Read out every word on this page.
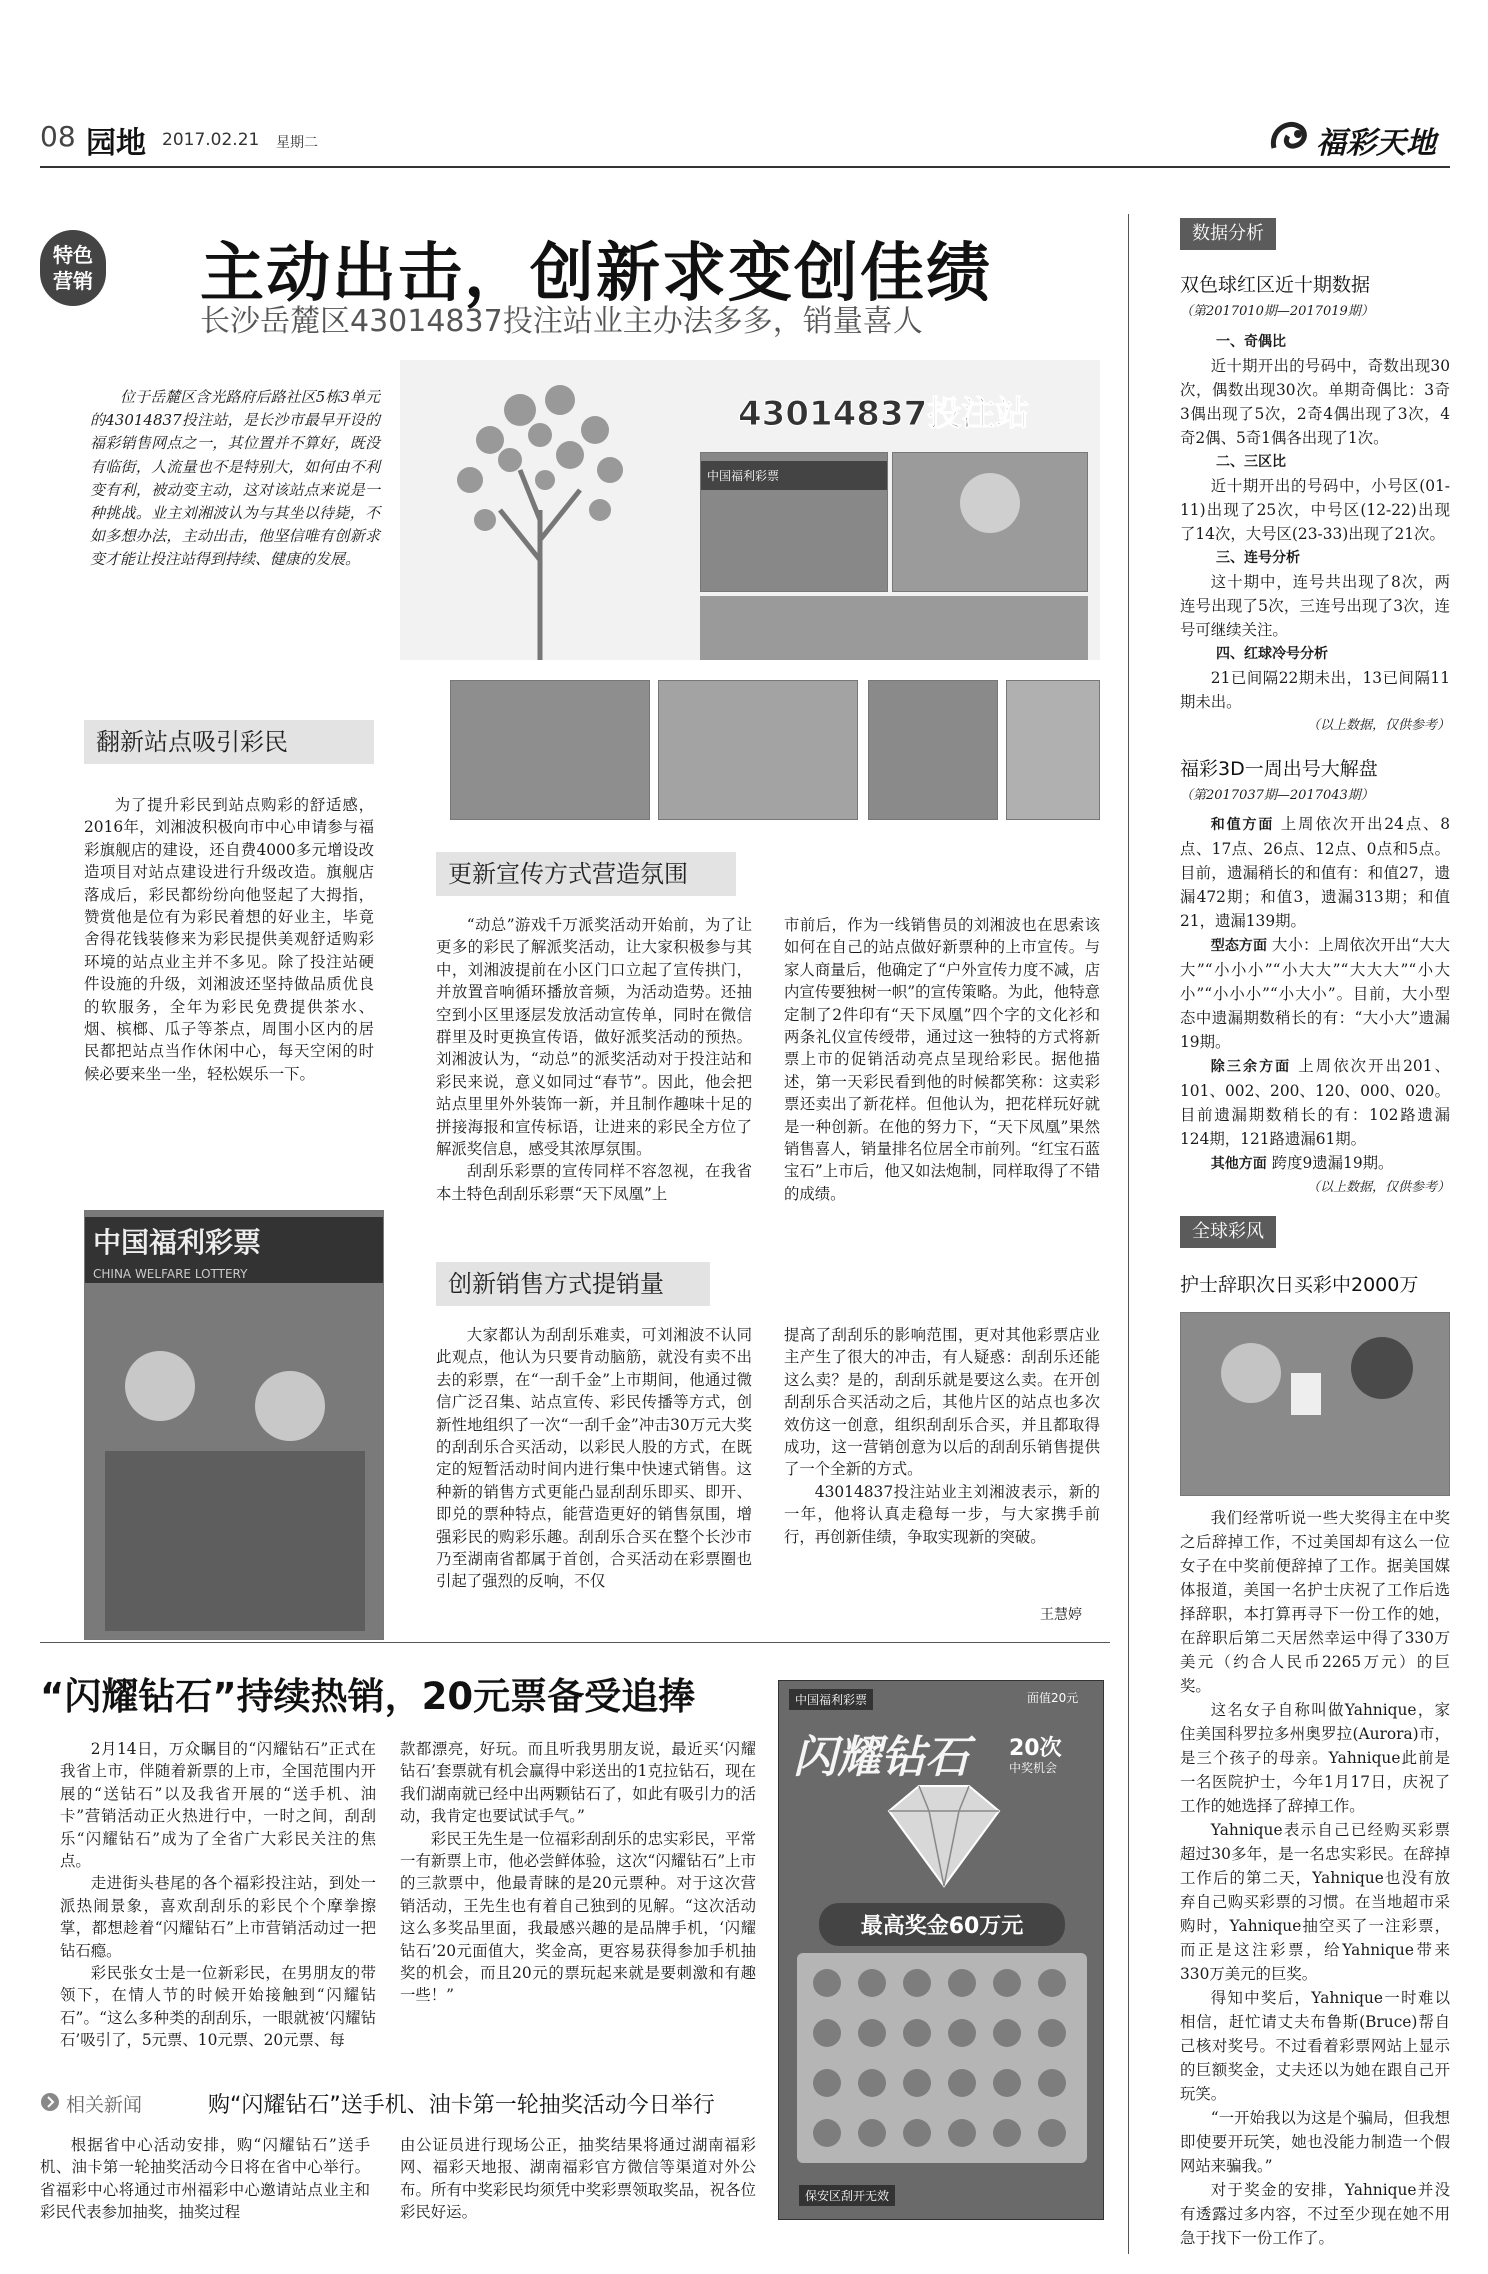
08 园地 2017.02.21 星期二	福彩天地
特色
营销 主动出击，创新求变创佳绩
长沙岳麓区43014837投注站业主办法多多，销量喜人

位于岳麓区含光路府后路社区5栋3单元的43014837投注站，是长沙市最早开设的福彩销售网点之一，其位置并不算好，既没有临街，人流量也不是特别大，如何由不利变有利，被动变主动，这对该站点来说是一种挑战。业主刘湘波认为与其坐以待毙，不如多想办法，主动出击，他坚信唯有创新求变才能让投注站得到持续、健康的发展。

43014837投注站
中国福利彩票
翻新站点吸引彩民

为了提升彩民到站点购彩的舒适感，2016年，刘湘波积极向市中心申请参与福彩旗舰店的建设，还自费4000多元增设改造项目对站点建设进行升级改造。旗舰店落成后，彩民都纷纷向他竖起了大拇指，赞赏他是位有为彩民着想的好业主，毕竟舍得花钱装修来为彩民提供美观舒适购彩环境的站点业主并不多见。除了投注站硬件设施的升级，刘湘波还坚持做品质优良的软服务，全年为彩民免费提供茶水、烟、槟榔、瓜子等茶点，周围小区内的居民都把站点当作休闲中心，每天空闲的时候必要来坐一坐，轻松娱乐一下。

中国福利彩票
CHINA WELFARE LOTTERY
更新宣传方式营造氛围

“动总”游戏千万派奖活动开始前，为了让更多的彩民了解派奖活动，让大家积极参与其中，刘湘波提前在小区门口立起了宣传拱门，并放置音响循环播放音频，为活动造势。还抽空到小区里逐层发放活动宣传单，同时在微信群里及时更换宣传语，做好派奖活动的预热。刘湘波认为，“动总”的派奖活动对于投注站和彩民来说，意义如同过“春节”。因此，他会把站点里里外外装饰一新，并且制作趣味十足的拼接海报和宣传标语，让进来的彩民全方位了解派奖信息，感受其浓厚氛围。

刮刮乐彩票的宣传同样不容忽视，在我省本土特色刮刮乐彩票“天下凤凰”上

市前后，作为一线销售员的刘湘波也在思索该如何在自己的站点做好新票种的上市宣传。与家人商量后，他确定了“户外宣传力度不减，店内宣传要独树一帜”的宣传策略。为此，他特意定制了2件印有“天下凤凰”四个字的文化衫和两条礼仪宣传绶带，通过这一独特的方式将新票上市的促销活动亮点呈现给彩民。据他描述，第一天彩民看到他的时候都笑称：这卖彩票还卖出了新花样。但他认为，把花样玩好就是一种创新。在他的努力下，“天下凤凰”果然销售喜人，销量排名位居全市前列。“红宝石蓝宝石”上市后，他又如法炮制，同样取得了不错的成绩。

创新销售方式提销量

大家都认为刮刮乐难卖，可刘湘波不认同此观点，他认为只要肯动脑筋，就没有卖不出去的彩票，在“一刮千金”上市期间，他通过微信广泛召集、站点宣传、彩民传播等方式，创新性地组织了一次“一刮千金”冲击30万元大奖的刮刮乐合买活动，以彩民人股的方式，在既定的短暂活动时间内进行集中快速式销售。这种新的销售方式更能凸显刮刮乐即买、即开、即兑的票种特点，能营造更好的销售氛围，增强彩民的购彩乐趣。刮刮乐合买在整个长沙市乃至湖南省都属于首创，合买活动在彩票圈也引起了强烈的反响，不仅

提高了刮刮乐的影响范围，更对其他彩票店业主产生了很大的冲击，有人疑惑：刮刮乐还能这么卖？是的，刮刮乐就是要这么卖。在开创刮刮乐合买活动之后，其他片区的站点也多次效仿这一创意，组织刮刮乐合买，并且都取得成功，这一营销创意为以后的刮刮乐销售提供了一个全新的方式。

43014837投注站业主刘湘波表示，新的一年，他将认真走稳每一步，与大家携手前行，再创新佳绩，争取实现新的突破。

王慧婷
“闪耀钻石”持续热销，20元票备受追捧

2月14日，万众瞩目的“闪耀钻石”正式在我省上市，伴随着新票的上市，全国范围内开展的“送钻石”以及我省开展的“送手机、油卡”营销活动正火热进行中，一时之间，刮刮乐“闪耀钻石”成为了全省广大彩民关注的焦点。

走进街头巷尾的各个福彩投注站，到处一派热闹景象，喜欢刮刮乐的彩民个个摩拳擦掌，都想趁着“闪耀钻石”上市营销活动过一把钻石瘾。

彩民张女士是一位新彩民，在男朋友的带领下，在情人节的时候开始接触到“闪耀钻石”。“这么多种类的刮刮乐，一眼就被‘闪耀钻石’吸引了，5元票、10元票、20元票、每

款都漂亮，好玩。而且听我男朋友说，最近买‘闪耀钻石’套票就有机会赢得中彩送出的1克拉钻石，现在我们湖南就已经中出两颗钻石了，如此有吸引力的活动，我肯定也要试试手气。”

彩民王先生是一位福彩刮刮乐的忠实彩民，平常一有新票上市，他必尝鲜体验，这次“闪耀钻石”上市的三款票中，他最青睐的是20元票种。对于这次营销活动，王先生也有着自己独到的见解。“这次活动这么多奖品里面，我最感兴趣的是品牌手机，‘闪耀钻石’20元面值大，奖金高，更容易获得参加手机抽奖的机会，而且20元的票玩起来就是要刺激和有趣一些！”

中国福利彩票	面值20元
闪耀钻石 20次
中奖机会
最高奖金60万元
保安区刮开无效
相关新闻	购“闪耀钻石”送手机、油卡第一轮抽奖活动今日举行

根据省中心活动安排，购“闪耀钻石”送手机、油卡第一轮抽奖活动今日将在省中心举行。省福彩中心将通过市州福彩中心邀请站点业主和彩民代表参加抽奖，抽奖过程

由公证员进行现场公正，抽奖结果将通过湖南福彩网、福彩天地报、湖南福彩官方微信等渠道对外公布。所有中奖彩民均须凭中奖彩票领取奖品，祝各位彩民好运。

数据分析
双色球红区近十期数据
（第2017010期—2017019期）
一、奇偶比

近十期开出的号码中，奇数出现30次，偶数出现30次。单期奇偶比：3奇3偶出现了5次，2奇4偶出现了3次，4奇2偶、5奇1偶各出现了1次。

二、三区比

近十期开出的号码中，小号区(01-11)出现了25次，中号区(12-22)出现了14次，大号区(23-33)出现了21次。

三、连号分析

这十期中，连号共出现了8次，两连号出现了5次，三连号出现了3次，连号可继续关注。

四、红球冷号分析

21已间隔22期未出，13已间隔11期未出。

（以上数据，仅供参考）
福彩3D一周出号大解盘
（第2017037期—2017043期）

和值方面 上周依次开出24点、8点、17点、26点、12点、0点和5点。目前，遗漏稍长的和值有：和值27，遗漏472期；和值3，遗漏313期；和值21，遗漏139期。

型态方面 大小：上周依次开出“大大大”“小小小”“小大大”“大大大”“小大小”“小小小”“小大小”。目前，大小型态中遗漏期数稍长的有：“大小大”遗漏19期。

除三余方面 上周依次开出201、101、002、200、120、000、020。目前遗漏期数稍长的有：102路遗漏124期，121路遗漏61期。

其他方面 跨度9遗漏19期。

（以上数据，仅供参考）
全球彩风
护士辞职次日买彩中2000万

我们经常听说一些大奖得主在中奖之后辞掉工作，不过美国却有这么一位女子在中奖前便辞掉了工作。据美国媒体报道，美国一名护士庆祝了工作后选择辞职，本打算再寻下一份工作的她，在辞职后第二天居然幸运中得了330万美元（约合人民币2265万元）的巨奖。

这名女子自称叫做Yahnique，家住美国科罗拉多州奥罗拉(Aurora)市，是三个孩子的母亲。Yahnique此前是一名医院护士，今年1月17日，庆祝了工作的她选择了辞掉工作。

Yahnique表示自己已经购买彩票超过30多年，是一名忠实彩民。在辞掉工作后的第二天，Yahnique也没有放弃自己购买彩票的习惯。在当地超市采购时，Yahnique抽空买了一注彩票，而正是这注彩票，给Yahnique带来330万美元的巨奖。

得知中奖后，Yahnique一时难以相信，赶忙请丈夫布鲁斯(Bruce)帮自己核对奖号。不过看着彩票网站上显示的巨额奖金，丈夫还以为她在跟自己开玩笑。

“一开始我以为这是个骗局，但我想即使要开玩笑，她也没能力制造一个假网站来骗我。”

对于奖金的安排，Yahnique并没有透露过多内容，不过至少现在她不用急于找下一份工作了。
